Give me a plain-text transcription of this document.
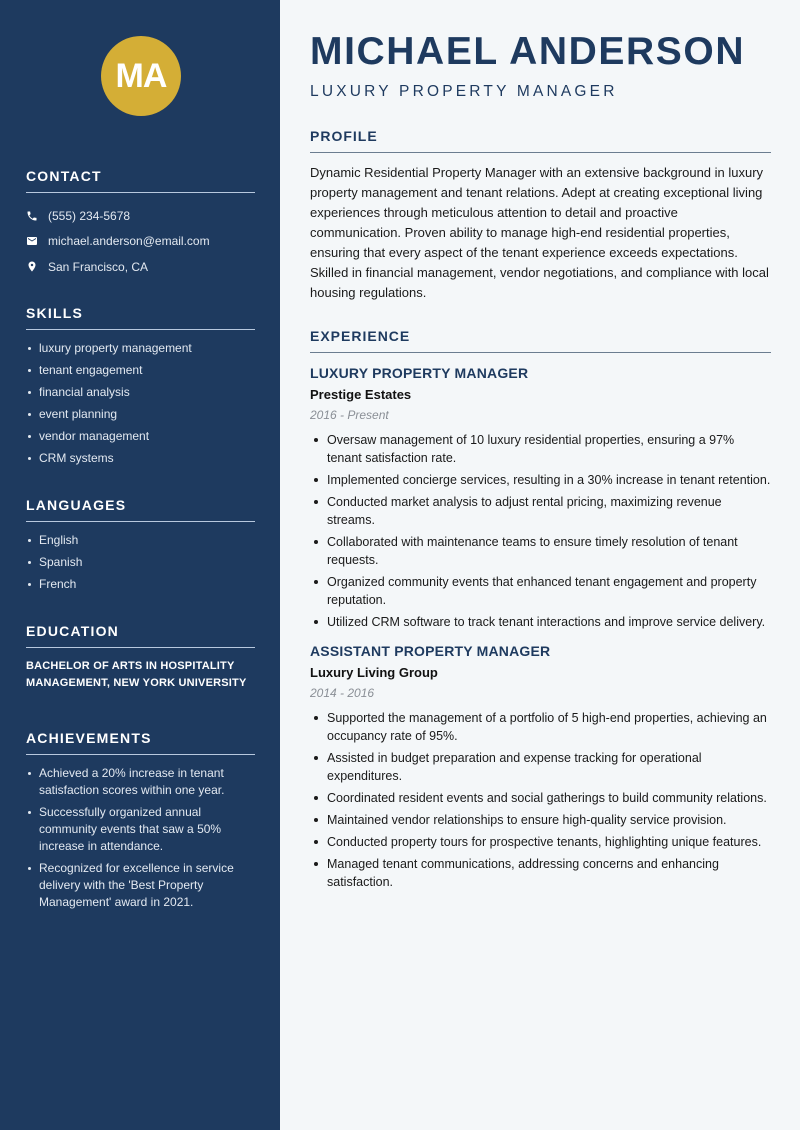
MA
CONTACT
(555) 234-5678
michael.anderson@email.com
San Francisco, CA
SKILLS
luxury property management
tenant engagement
financial analysis
event planning
vendor management
CRM systems
LANGUAGES
English
Spanish
French
EDUCATION

BACHELOR OF ARTS IN HOSPITALITY MANAGEMENT, NEW YORK UNIVERSITY

ACHIEVEMENTS
Achieved a 20% increase in tenant satisfaction scores within one year.
Successfully organized annual community events that saw a 50% increase in attendance.
Recognized for excellence in service delivery with the 'Best Property Management' award in 2021.
MICHAEL ANDERSON
LUXURY PROPERTY MANAGER
PROFILE

Dynamic Residential Property Manager with an extensive background in luxury property management and tenant relations. Adept at creating exceptional living experiences through meticulous attention to detail and proactive communication. Proven ability to manage high-end residential properties, ensuring that every aspect of the tenant experience exceeds expectations. Skilled in financial management, vendor negotiations, and compliance with local housing regulations.

EXPERIENCE
LUXURY PROPERTY MANAGER
Prestige Estates
2016 - Present
Oversaw management of 10 luxury residential properties, ensuring a 97% tenant satisfaction rate.
Implemented concierge services, resulting in a 30% increase in tenant retention.
Conducted market analysis to adjust rental pricing, maximizing revenue streams.
Collaborated with maintenance teams to ensure timely resolution of tenant requests.
Organized community events that enhanced tenant engagement and property reputation.
Utilized CRM software to track tenant interactions and improve service delivery.
ASSISTANT PROPERTY MANAGER
Luxury Living Group
2014 - 2016
Supported the management of a portfolio of 5 high-end properties, achieving an occupancy rate of 95%.
Assisted in budget preparation and expense tracking for operational expenditures.
Coordinated resident events and social gatherings to build community relations.
Maintained vendor relationships to ensure high-quality service provision.
Conducted property tours for prospective tenants, highlighting unique features.
Managed tenant communications, addressing concerns and enhancing satisfaction.
